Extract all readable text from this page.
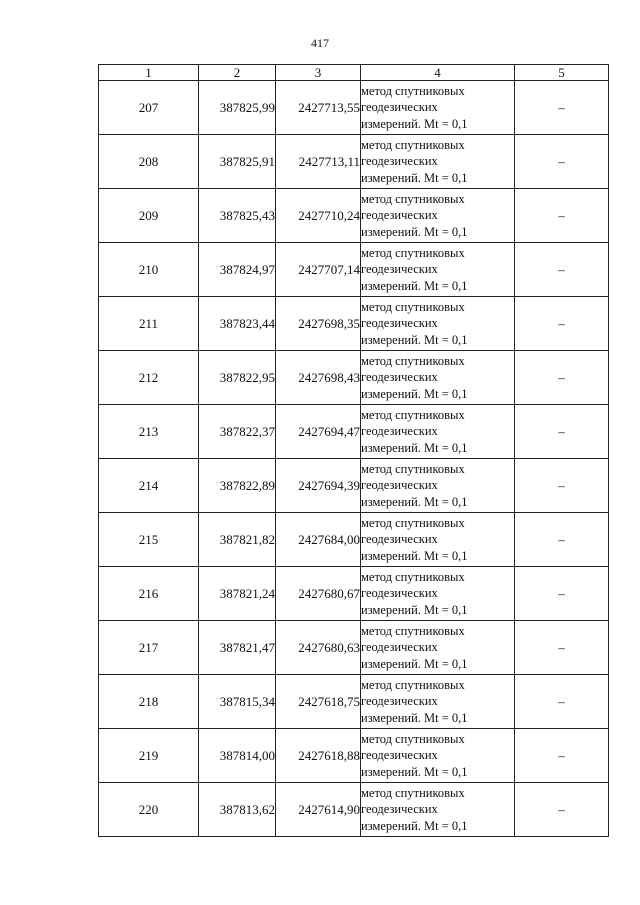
417
1	2	3	4	5
207	387825,99	2427713,55	метод спутниковых
геодезических
измерений. Mt = 0,1	–
208	387825,91	2427713,11	метод спутниковых
геодезических
измерений. Mt = 0,1	–
209	387825,43	2427710,24	метод спутниковых
геодезических
измерений. Mt = 0,1	–
210	387824,97	2427707,14	метод спутниковых
геодезических
измерений. Mt = 0,1	–
211	387823,44	2427698,35	метод спутниковых
геодезических
измерений. Mt = 0,1	–
212	387822,95	2427698,43	метод спутниковых
геодезических
измерений. Mt = 0,1	–
213	387822,37	2427694,47	метод спутниковых
геодезических
измерений. Mt = 0,1	–
214	387822,89	2427694,39	метод спутниковых
геодезических
измерений. Mt = 0,1	–
215	387821,82	2427684,00	метод спутниковых
геодезических
измерений. Mt = 0,1	–
216	387821,24	2427680,67	метод спутниковых
геодезических
измерений. Mt = 0,1	–
217	387821,47	2427680,63	метод спутниковых
геодезических
измерений. Mt = 0,1	–
218	387815,34	2427618,75	метод спутниковых
геодезических
измерений. Mt = 0,1	–
219	387814,00	2427618,88	метод спутниковых
геодезических
измерений. Mt = 0,1	–
220	387813,62	2427614,90	метод спутниковых
геодезических
измерений. Mt = 0,1	–
